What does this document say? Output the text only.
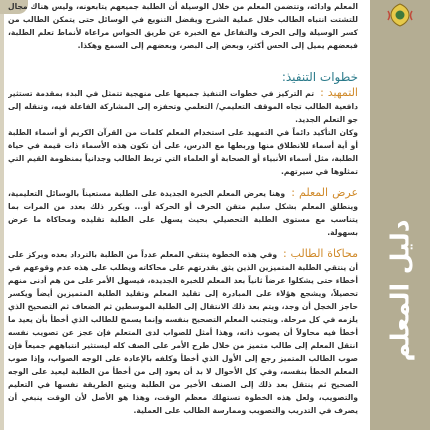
دليل المعلم

المعلم وادائه، وتتضمن المعلم من خلال الوسيلة أن الطلبة جميعهم يتابعونه، وليس هناك مجال للتشتت انتباه الطالب خلال عملية الشرح ويفضل التنويع في الوسائل حتى يتمكن الطالب من كسر الوسيلة وإلى الحرف والتفاعل مع الخبرة عن طريق الحواس مراعاة لأنماط تعلم الطلبة، فبعضهم يميل إلى الحس أكثر، وبعض إلى البصر، وبعضهم إلى السمع وهكذا.

خطوات التنفيذ:

التمهيد : تم التركيز في خطوات التنفيذ جميعها على منهجية تتمثل في البدء بمقدمة تستثير دافعية الطالب تجاه الموقف التعليمي/ التعلمي وتحفزه إلى المشاركة الفاعلة فيه، وتنقله إلى جو التعلم الجديد.

وكان التأكيد دائماً في التمهيد على استخدام المعلم كلمات من القرآن الكريم أو أسماء الطلبة أو أية أسماء للانطلاق منها وربطها مع الدرس، على أن تكون هذه الأسماء ذات قيمة في حياة الطلبة، مثل أسماء الأنبياء أو الصحابة أو العلماء التي تربط الطالب وجدانياً بمنظومة القيم التي تمثلوها في سيرتهم.

عرض المعلم : وهنا يعرض المعلم الخبرة الجديدة على الطلبة مستعيناً بالوسائل التعليمية، وينطلق المعلم بشكل سليم متقن الحرف أو الحركة أو... ويكرر ذلك بعدد من المرات بما يتناسب مع مستوى الطلبة التحصيلي بحيث يسهل على الطلبة تقليده ومحاكاة ما عرض بسهولة.

محاكاة الطالب : وفي هذه الخطوة ينتقي المعلم عدداً من الطلبة بالترداد بعده ويركز على أن ينتقي الطلبة المتميزين الذين يثق بقدرتهم على محاكاته ويطلب على هذه عدم وقوعهم في أخطاء حتى يشكلوا عرضاً ثانياً بعد المعلم للخبرة الجديدة، فيسهل الأمر على من هم أدنى منهم تحصيلاً، ويشجع هؤلاء على المبادرة إلى تقليد المعلم وتقليد الطلبة المتميزين أيضاً ويكسر حاجز الخجل أن وجد، ويتم بعد ذلك الانتقال إلى الطلبة الموسطين ثم الضعاف ثم التصحيح الذي يلزمه في كل مرحلة. ويتجنب المعلم التصحيح بنفسه وإنما يسمح للطالب الذي أخطأ بأن يعيد ما أخطأ فيه محاولاً أن يصوب ذاته، وهذا أمثل للصواب لدى المتعلم فإن عجز عن تصويب نفسه انتقل المعلم إلى طالب متميز من خلال طرح الأمر على الصف كله ليستثير انتباههم جميعاً فإن صوب الطالب المتميز رجع إلى الأول الذي أخطأ وكلفه بالإعادة على الوجه الصواب، وإذا صوب المعلم الخطأ بنفسه، وفي كل الأحوال لا بد أن يعود إلى من أخطأ من الطلبة ليعيد على الوجه الصحيح ثم ينتقل بعد ذلك إلى الصنف الأخير من الطلبة ويتبع الطريقة نفسها في التعليم والتصويب، ولعل هذه الخطوة تستهلك معظم الوقت، وهذا هو الأصل لأن الوقت ينبغي أن يصرف في التدريب والتصويب وممارسة الطالب على العملية.
